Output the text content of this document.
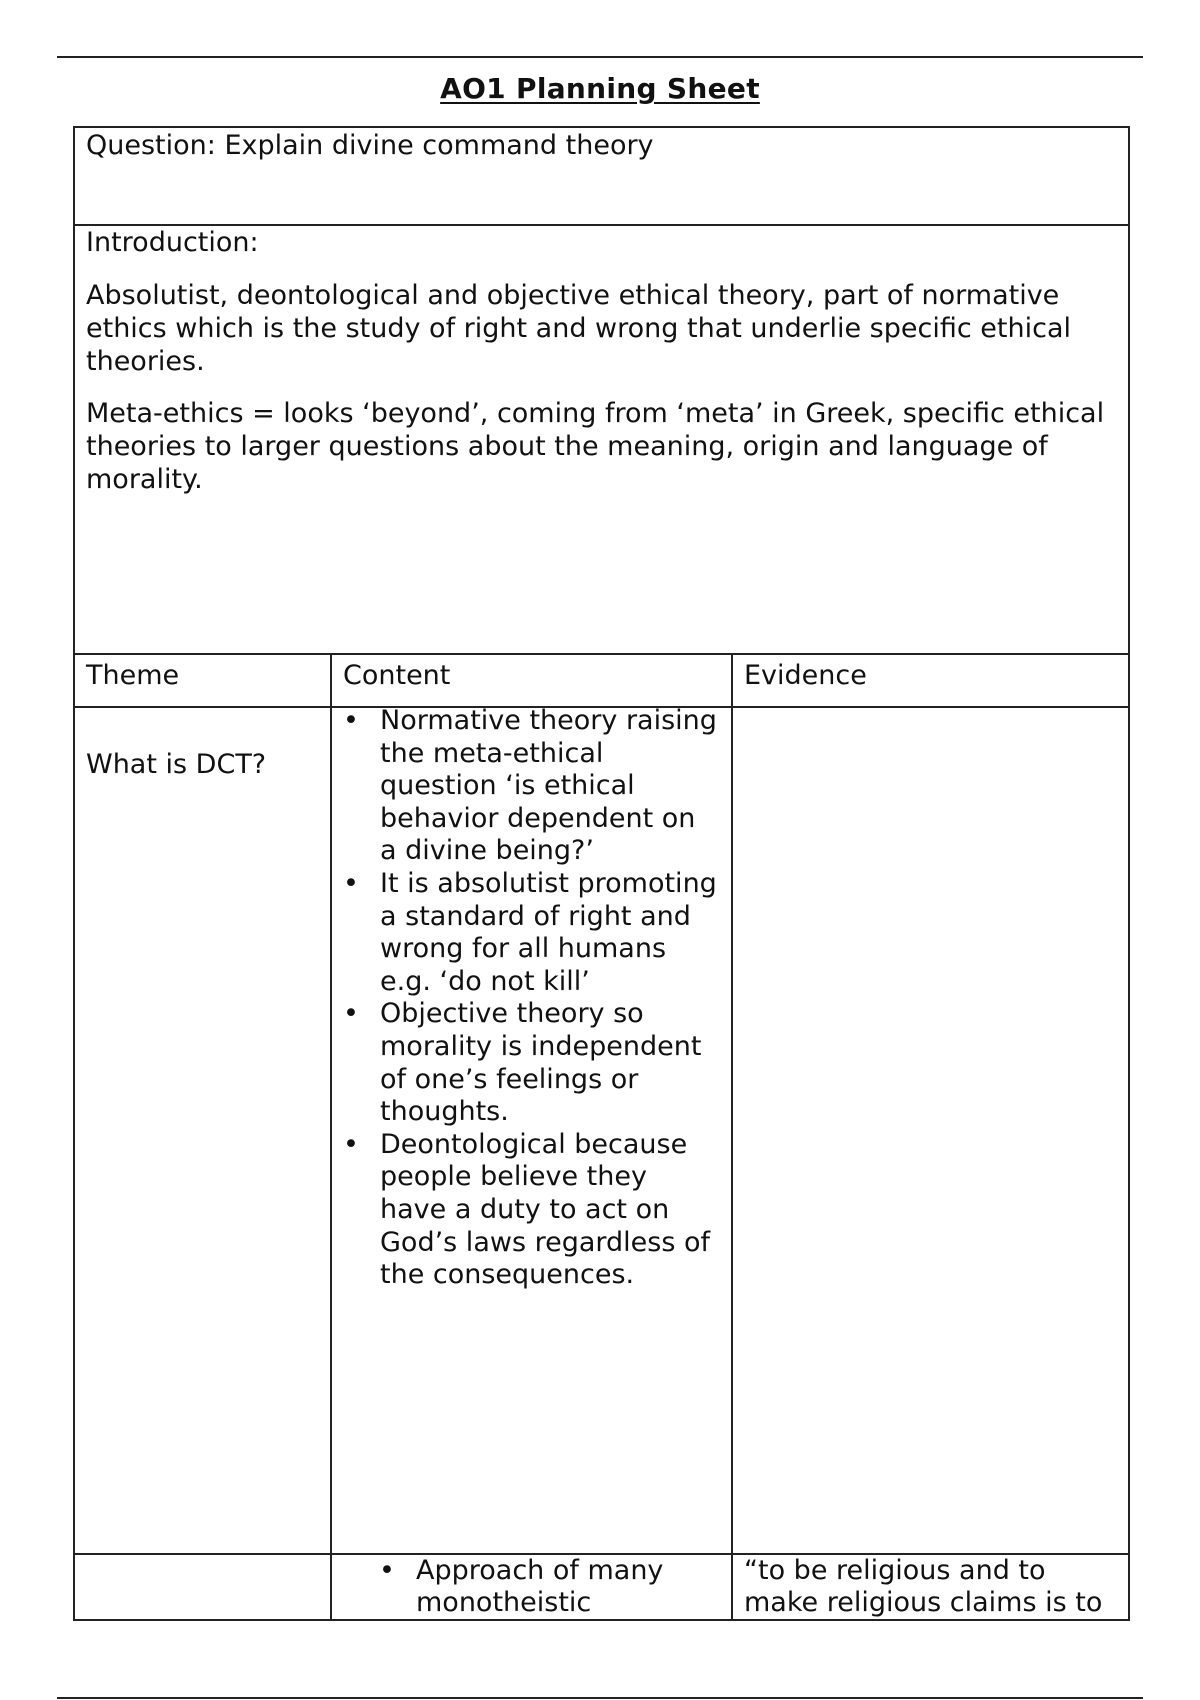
AO1 Planning Sheet
Question: Explain divine command theory
Introduction:

Absolutist, deontological and objective ethical theory, part of normative ethics which is the study of right and wrong that underlie specific ethical theories.

Meta-ethics = looks ‘beyond’, coming from ‘meta’ in Greek, specific ethical theories to larger questions about the meaning, origin and language of morality.

Theme	Content	Evidence
What is DCT?
• Normative theory raising the meta-ethical question ‘is ethical behavior dependent on a divine being?’
• It is absolutist promoting a standard of right and wrong for all humans e.g. ‘do not kill’
• Objective theory so morality is independent of one’s feelings or thoughts.
• Deontological because people believe they have a duty to act on God’s laws regardless of the consequences.
• Approach of many monotheistic
“to be religious and to make religious claims is to
